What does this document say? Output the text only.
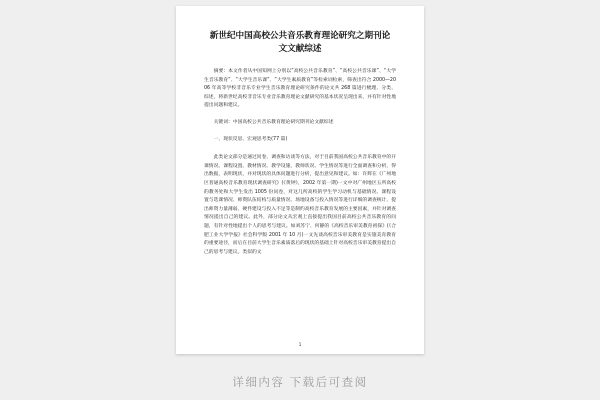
新世纪中国高校公共音乐教育理论研究之期刊论文文献综述

摘要：本文作者从中国知网上分别以“高校公共音乐教育”、“高校公共音乐课”、“大学生音乐教育”、“大学生音乐课”、“大学生素质教育”等检索词检索，筛查出符合 2000—2006 年高等学校非音乐专业学生音乐教育理论研究条件的论文共 268 篇进行梳理、分类、综述，将新世纪高校非音乐专业音乐教育理论文献研究的基本状况呈现出来，并有针对性地提出问题和建议。

关键词：中国高校公共音乐教育理论研究期刊论文献综述

一、现状反思、宏观思考类(77 篇)

此类论文部分是通过问卷、调查和访谈等方法，对于目前我国高校公共音乐教育中的开课情况、课程设置、教材情况、教学设施、教师状况、学生情况等进行全面调查和分析，得出数据，表明现状，并对现状的具体问题进行分析，提出意见和建议。如：许辉在《广州地区普通高校音乐教育现状调查研究》(《黄钟》，2002 年第一期)一文中对广州地区五所高校的教务处和大学生发出 1005 份问卷，对这几所高校的学生学习动机与基础情况、课程设置与选课情况、师资队伍结构与质量情况、场地设备与投入情况等进行详细的调查统计，提出师资力量薄弱、硬件建设与投入不足等是制约高校音乐教育发展的主要因素，并针对调查情况提出自己的建议。此外，部分论文从宏观上直接提出我国目前高校公共音乐教育的问题，有针对性地提出个人的思考与建议。如刘苏宁、何静的《高校音乐审美教育初探》(《合肥工业大学学报》社会科学版 2001 年 10 月)一文先谈高校音乐审美教育是实施美育教育的重要途径，而后在目前大学生音乐素质落后的现状的基础上针对高校音乐审美教育提出自己的思考与建议。类似的文

1
详细内容 下载后可查阅
